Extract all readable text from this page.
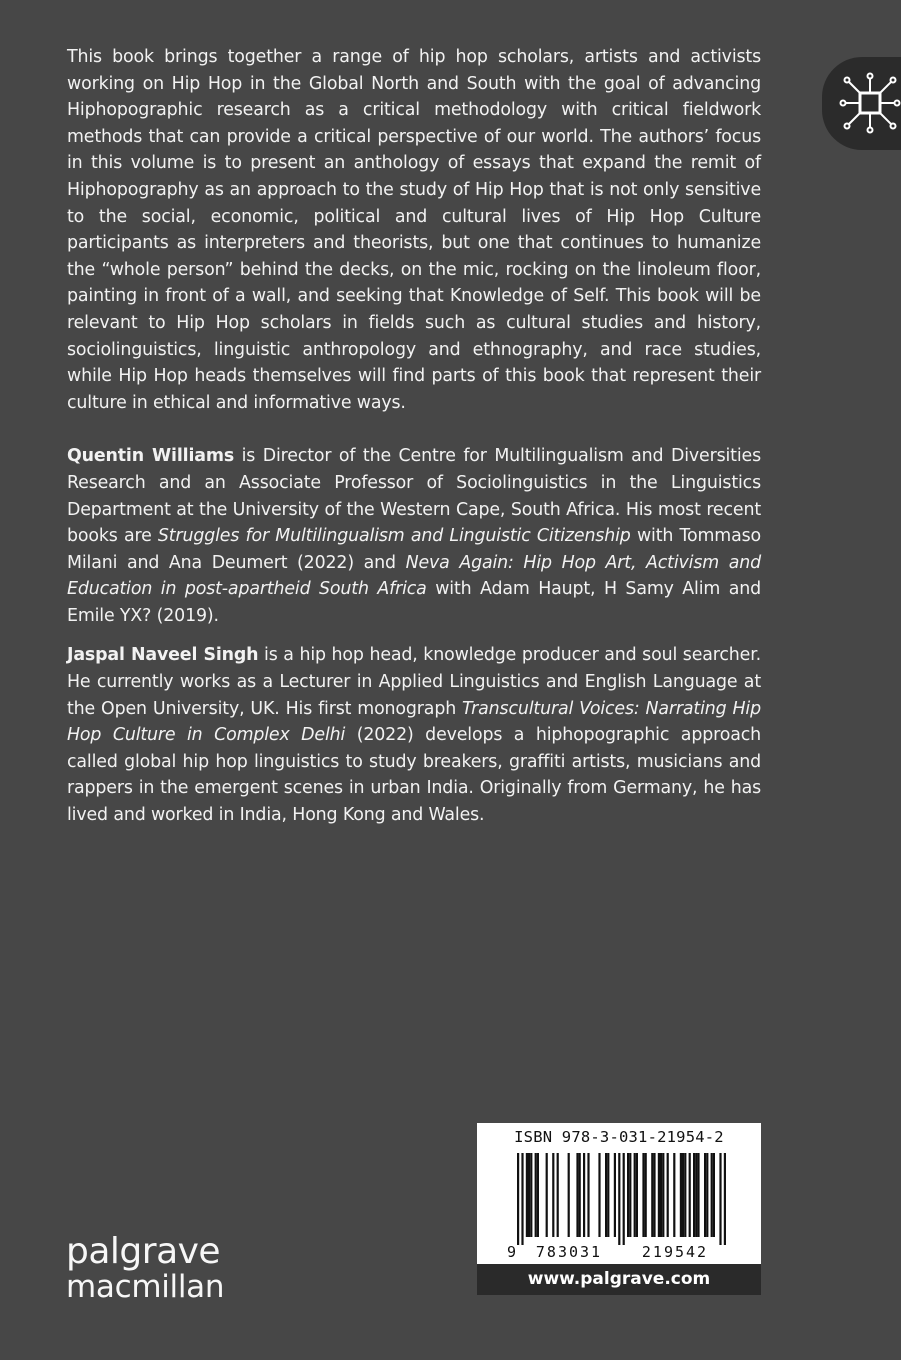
This book brings together a range of hip hop scholars, artists and activists working on Hip Hop in the Global North and South with the goal of advancing Hiphopographic research as a critical methodology with critical fieldwork methods that can provide a critical perspective of our world. The authors’ focus in this volume is to present an anthology of essays that expand the remit of Hiphopography as an approach to the study of Hip Hop that is not only sensitive to the social, economic, political and cultural lives of Hip Hop Culture participants as interpreters and theorists, but one that continues to humanize the “whole person” behind the decks, on the mic, rocking on the linoleum floor, painting in front of a wall, and seeking that Knowledge of Self. This book will be relevant to Hip Hop scholars in fields such as cultural studies and history, sociolinguistics, linguistic anthropology and ethnography, and race studies, while Hip Hop heads themselves will find parts of this book that represent their culture in ethical and informative ways.

Quentin Williams is Director of the Centre for Multilingualism and Diversities Research and an Associate Professor of Sociolinguistics in the Linguistics Department at the University of the Western Cape, South Africa. His most recent books are Struggles for Multilingualism and Linguistic Citizenship with Tommaso Milani and Ana Deumert (2022) and Neva Again: Hip Hop Art, Activism and Education in post-apartheid South Africa with Adam Haupt, H Samy Alim and Emile YX? (2019).

Jaspal Naveel Singh is a hip hop head, knowledge producer and soul searcher. He currently works as a Lecturer in Applied Linguistics and English Language at the Open University, UK. His first monograph Transcultural Voices: Narrating Hip Hop Culture in Complex Delhi (2022) develops a hiphopographic approach called global hip hop linguistics to study breakers, graffiti artists, musicians and rappers in the emergent scenes in urban India. Originally from Germany, he has lived and worked in India, Hong Kong and Wales.

palgrave
macmillan
ISBN 978-3-031-21954-2
9 783031	219542
www.palgrave.com
